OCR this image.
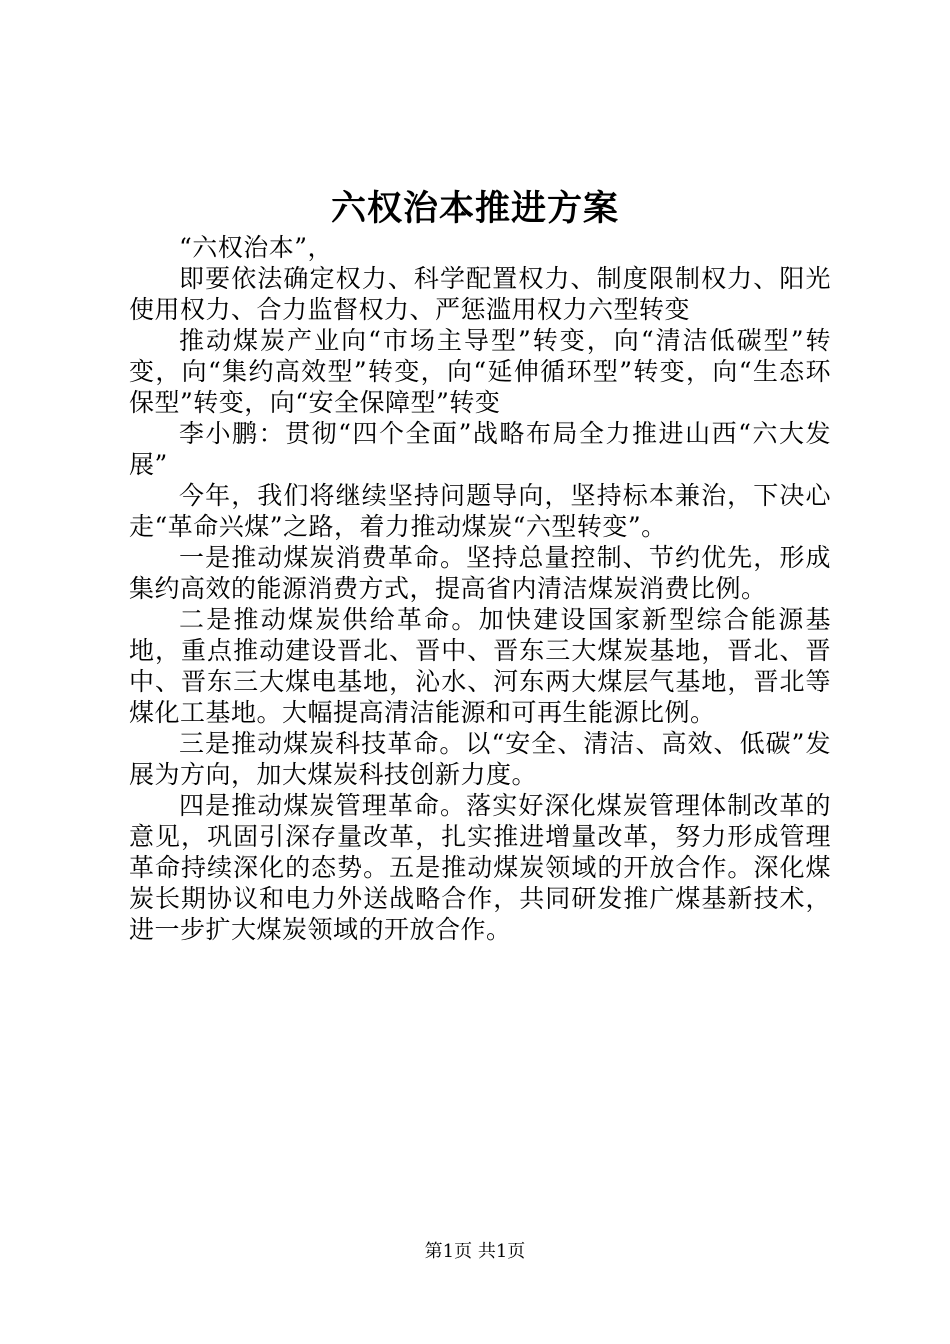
六权治本推进方案

“六权治本”，

即要依法确定权力、科学配置权力、制度限制权力、阳光使用权力、合力监督权力、严惩滥用权力六型转变

推动煤炭产业向“市场主导型”转变，向“清洁低碳型”转变，向“集约高效型”转变，向“延伸循环型”转变，向“生态环保型”转变，向“安全保障型”转变

李小鹏：贯彻“四个全面”战略布局全力推进山西“六大发展”

今年，我们将继续坚持问题导向，坚持标本兼治，下决心走“革命兴煤”之路，着力推动煤炭“六型转变”。

一是推动煤炭消费革命。坚持总量控制、节约优先，形成集约高效的能源消费方式，提高省内清洁煤炭消费比例。

二是推动煤炭供给革命。加快建设国家新型综合能源基地，重点推动建设晋北、晋中、晋东三大煤炭基地，晋北、晋中、晋东三大煤电基地，沁水、河东两大煤层气基地，晋北等煤化工基地。大幅提高清洁能源和可再生能源比例。

三是推动煤炭科技革命。以“安全、清洁、高效、低碳”发展为方向，加大煤炭科技创新力度。

四是推动煤炭管理革命。落实好深化煤炭管理体制改革的意见，巩固引深存量改革，扎实推进增量改革，努力形成管理革命持续深化的态势。五是推动煤炭领域的开放合作。深化煤炭长期协议和电力外送战略合作，共同研发推广煤基新技术，进一步扩大煤炭领域的开放合作。

第1页 共1页
